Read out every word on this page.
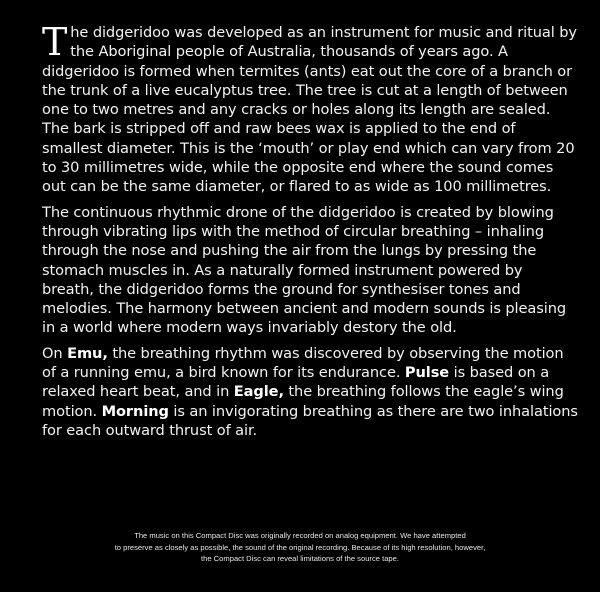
The didgeridoo was developed as an instrument for music and ritual by the Aboriginal people of Australia, thousands of years ago. A didgeridoo is formed when termites (ants) eat out the core of a branch or the trunk of a live eucalyptus tree. The tree is cut at a length of between one to two metres and any cracks or holes along its length are sealed. The bark is stripped off and raw bees wax is applied to the end of smallest diameter. This is the ‘mouth’ or play end which can vary from 20 to 30 millimetres wide, while the opposite end where the sound comes out can be the same diameter, or flared to as wide as 100 millimetres.

The continuous rhythmic drone of the didgeridoo is created by blowing through vibrating lips with the method of circular breathing – inhaling through the nose and pushing the air from the lungs by pressing the stomach muscles in. As a naturally formed instrument powered by breath, the didgeridoo forms the ground for synthesiser tones and melodies. The harmony between ancient and modern sounds is pleasing in a world where modern ways invariably destory the old.

On Emu, the breathing rhythm was discovered by observing the motion of a running emu, a bird known for its endurance. Pulse is based on a relaxed heart beat, and in Eagle, the breathing follows the eagle’s wing motion. Morning is an invigorating breathing as there are two inhalations for each outward thrust of air.

The music on this Compact Disc was originally recorded on analog equipment. We have attempted
to preserve as closely as possible, the sound of the original recording. Because of its high resolution, however,
the Compact Disc can reveal limitations of the source tape.
